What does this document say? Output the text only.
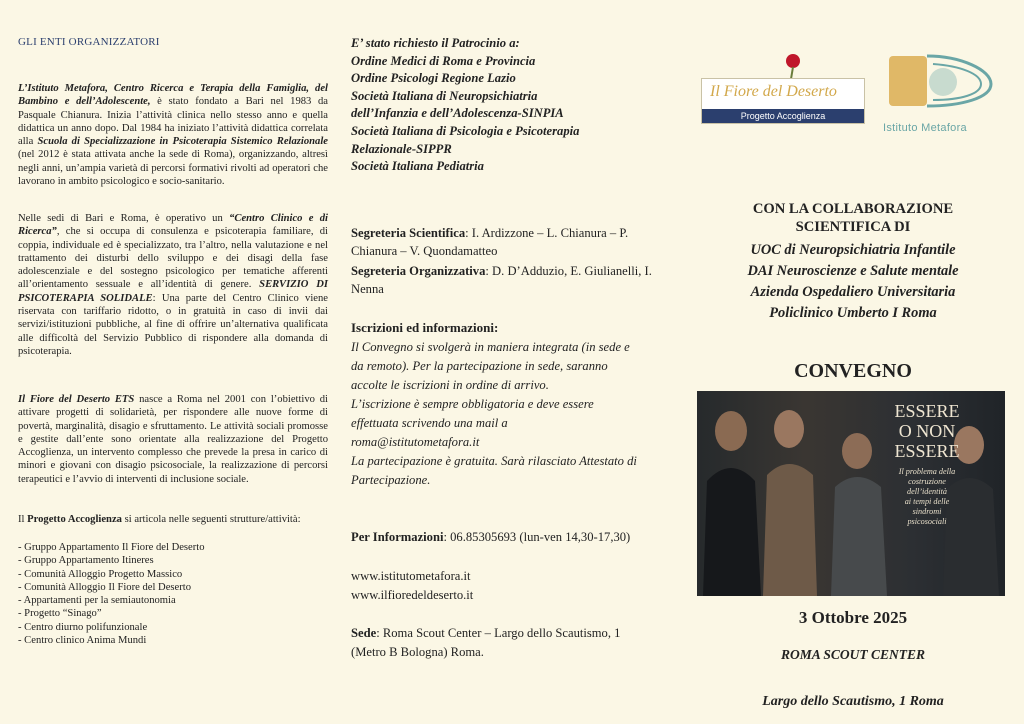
GLI ENTI ORGANIZZATORI

L’Istituto Metafora, Centro Ricerca e Terapia della Famiglia, del Bambino e dell’Adolescente, è stato fondato a Bari nel 1983 da Pasquale Chianura. Inizia l’attività clinica nello stesso anno e quella didattica un anno dopo. Dal 1984 ha iniziato l’attività didattica correlata alla Scuola di Specializzazione in Psicoterapia Sistemico Relazionale (nel 2012 è stata attivata anche la sede di Roma), organizzando, altresì negli anni, un’ampia varietà di percorsi formativi rivolti ad operatori che lavorano in ambito psicologico e socio-sanitario.

Nelle sedi di Bari e Roma, è operativo un “Centro Clinico e di Ricerca”, che si occupa di consulenza e psicoterapia familiare, di coppia, individuale ed è specializzato, tra l’altro, nella valutazione e nel trattamento dei disturbi dello sviluppo e dei disagi della fase adolescenziale e del sostegno psicologico per tematiche afferenti all’orientamento sessuale e all’identità di genere. SERVIZIO DI PSICOTERAPIA SOLIDALE: Una parte del Centro Clinico viene riservata con tariffario ridotto, o in gratuità in caso di invii dai servizi/istituzioni pubbliche, al fine di offrire un’alternativa qualificata alle difficoltà del Servizio Pubblico di rispondere alla domanda di psicoterapia.

Il Fiore del Deserto ETS nasce a Roma nel 2001 con l’obiettivo di attivare progetti di solidarietà, per rispondere alle nuove forme di povertà, marginalità, disagio e sfruttamento. Le attività sociali promosse e gestite dall’ente sono orientate alla realizzazione del Progetto Accoglienza, un intervento complesso che prevede la presa in carico di minori e giovani con disagio psicosociale, la realizzazione di percorsi terapeutici e l’avvio di interventi di inclusione sociale.

Il Progetto Accoglienza si articola nelle seguenti strutture/attività:

- Gruppo Appartamento Il Fiore del Deserto
- Gruppo Appartamento Itineres
- Comunità Alloggio Progetto Massico
- Comunità Alloggio Il Fiore del Deserto
- Appartamenti per la semiautonomia
- Progetto “Sinago”
- Centro diurno polifunzionale
- Centro clinico Anima Mundi
E’ stato richiesto il Patrocinio a:
Ordine Medici di Roma e Provincia
Ordine Psicologi Regione Lazio
Società Italiana di Neuropsichiatria
dell’Infanzia e dell’Adolescenza-SINPIA
Società Italiana di Psicologia e Psicoterapia
Relazionale-SIPPR
Società Italiana Pediatria

Segreteria Scientifica: I. Ardizzone – L. Chianura – P. Chianura – V. Quondamatteo

Segreteria Organizzativa: D. D’Adduzio, E. Giulianelli, I. Nenna

Iscrizioni ed informazioni:
Il Convegno si svolgerà in maniera integrata (in sede e da remoto). Per la partecipazione in sede, saranno accolte le iscrizioni in ordine di arrivo.
L’iscrizione è sempre obbligatoria e deve essere effettuata scrivendo una mail a
roma@istitutometafora.it
La partecipazione è gratuita. Sarà rilasciato Attestato di Partecipazione.

Per Informazioni: 06.85305693 (lun-ven 14,30-17,30)

www.istitutometafora.it
www.ilfioredeldeserto.it

Sede: Roma Scout Center – Largo dello Scautismo, 1 (Metro B Bologna) Roma.

Il Fiore del Deserto
Progetto Accoglienza
Istituto Metafora
CON LA COLLABORAZIONE
SCIENTIFICA DI
UOC di Neuropsichiatria Infantile
DAI Neuroscienze e Salute mentale
Azienda Ospedaliero Universitaria
Policlinico Umberto I Roma
CONVEGNO
ESSERE
O NON
ESSERE
Il problema della
costruzione
dell’identità
ai tempi delle
sindromi
psicosociali
3 Ottobre 2025
ROMA SCOUT CENTER
Largo dello Scautismo, 1 Roma
